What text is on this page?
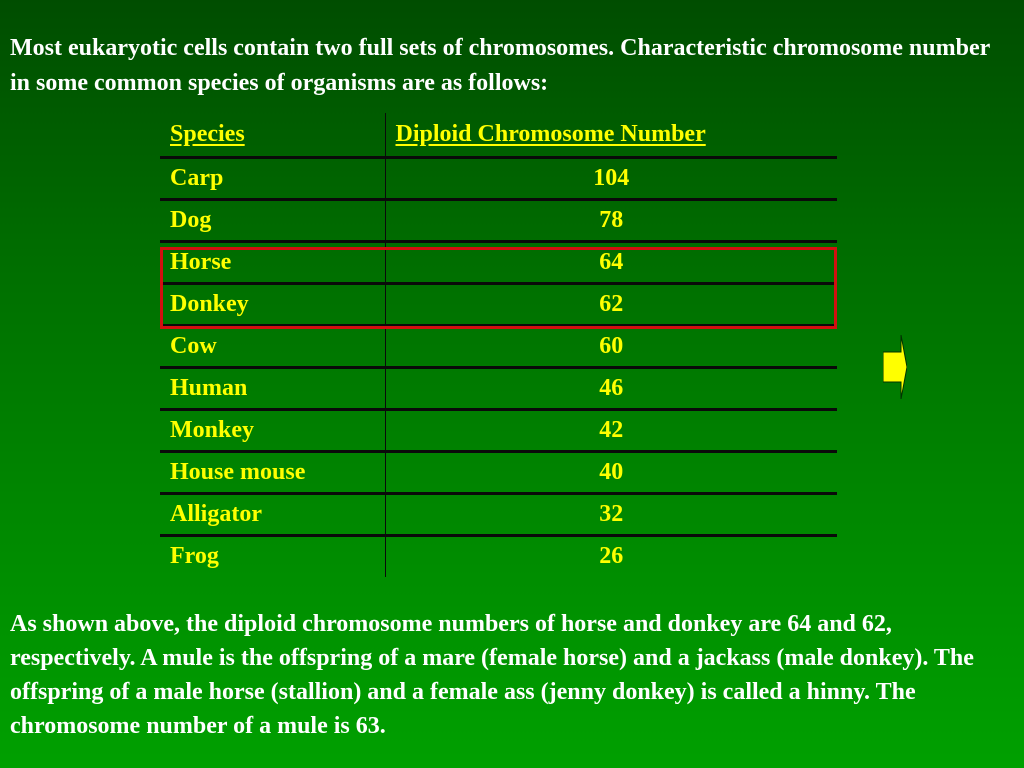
Most eukaryotic cells contain two full sets of chromosomes. Characteristic chromosome number in some common species of organisms are as follows:

Species	Diploid Chromosome Number
Carp	104
Dog	78
Horse	64
Donkey	62
Cow	60
Human	46
Monkey	42
House mouse	40
Alligator	32
Frog	26

As shown above, the diploid chromosome numbers of horse and donkey are 64 and 62, respectively. A mule is the offspring of a mare (female horse) and a jackass (male donkey). The offspring of a male horse (stallion) and a female ass (jenny donkey) is called a hinny. The chromosome number of a mule is 63.
